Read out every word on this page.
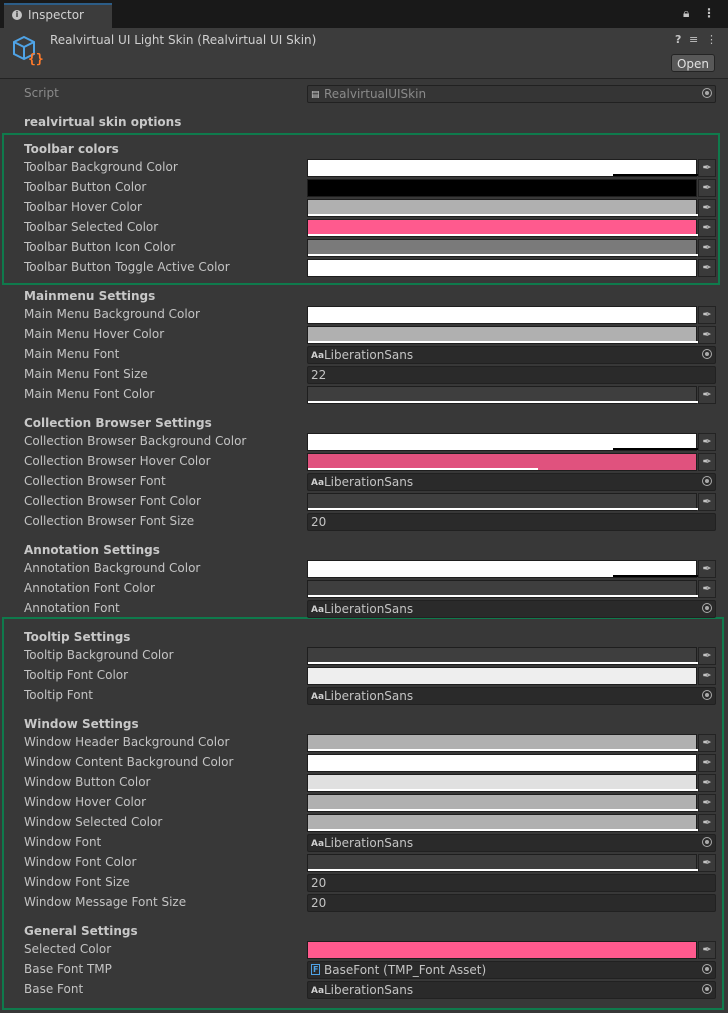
i Inspector	🔒︎ ⋮
{}
Realvirtual UI Light Skin (Realvirtual UI Skin)	? ≡ ⋮
Open
Script	▤ RealvirtualUISkin
realvirtual skin options
Toolbar colors
Toolbar Background Color	✒
Toolbar Button Color	✒
Toolbar Hover Color	✒
Toolbar Selected Color	✒
Toolbar Button Icon Color	✒
Toolbar Button Toggle Active Color	✒
Mainmenu Settings
Main Menu Background Color	✒
Main Menu Hover Color	✒
Main Menu Font	Aa LiberationSans
Main Menu Font Size	22
Main Menu Font Color	✒
Collection Browser Settings
Collection Browser Background Color	✒
Collection Browser Hover Color	✒
Collection Browser Font	Aa LiberationSans
Collection Browser Font Color	✒
Collection Browser Font Size	20
Annotation Settings
Annotation Background Color	✒
Annotation Font Color	✒
Annotation Font	Aa LiberationSans
Tooltip Settings
Tooltip Background Color	✒
Tooltip Font Color	✒
Tooltip Font	Aa LiberationSans
Window Settings
Window Header Background Color	✒
Window Content Background Color	✒
Window Button Color	✒
Window Hover Color	✒
Window Selected Color	✒
Window Font	Aa LiberationSans
Window Font Color	✒
Window Font Size	20
Window Message Font Size	20
General Settings
Selected Color	✒
Base Font TMP	F BaseFont (TMP_Font Asset)
Base Font	Aa LiberationSans
